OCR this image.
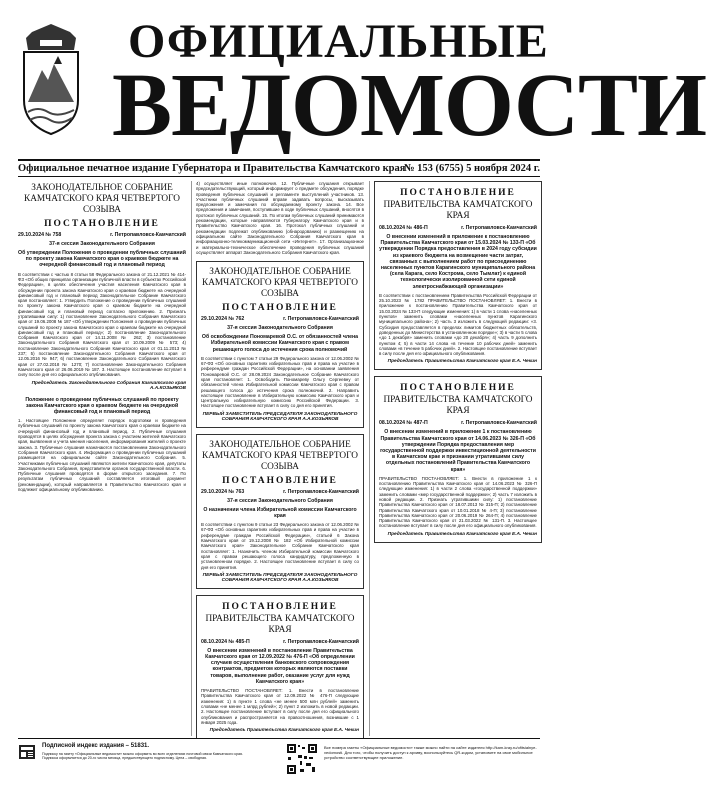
ОФИЦИАЛЬНЫЕ
ВЕДОМОСТИ
Официальное печатное издание Губернатора и Правительства Камчатского края
№ 153 (6755) 5 ноября 2024 г.
ЗАКОНОДАТЕЛЬНОЕ СОБРАНИЕ КАМЧАТСКОГО КРАЯ ЧЕТВЕРТОГО СОЗЫВА
ПОСТАНОВЛЕНИЕ
29.10.2024 № 758	г. Петропавловск-Камчатский
37-я сессия Законодательного Собрания
Об утверждении Положения о проведении публичных слушаний по проекту закона Камчатского края о краевом бюджете на очередной финансовый год и плановый период
В соответствии с частью 8 статьи 58 Федерального закона от 21.12.2021 № 414-ФЗ «Об общих принципах организации публичной власти в субъектах Российской Федерации», в целях обеспечения участия населения Камчатского края в обсуждении проекта закона Камчатского края о краевом бюджете на очередной финансовый год и плановый период Законодательное Собрание Камчатского края постановляет: 1. Утвердить Положение о проведении публичных слушаний по проекту закона Камчатского края о краевом бюджете на очередной финансовый год и плановый период согласно приложению. 2. Признать утратившими силу: 1) постановление Законодательного Собрания Камчатского края от 19.06.2008 № 187 «Об утверждении Положения о проведении публичных слушаний по проекту закона Камчатского края о краевом бюджете на очередной финансовый год и плановый период»; 2) постановление Законодательного Собрания Камчатского края от 14.11.2008 № 262; 3) постановление Законодательного Собрания Камчатского края от 10.09.2009 № 573; 4) постановление Законодательного Собрания Камчатского края от 01.11.2013 № 237; 5) постановление Законодательного Собрания Камчатского края от 12.05.2016 № 947; 6) постановление Законодательного Собрания Камчатского края от 27.02.2018 № 1270; 7) постановление Законодательного Собрания Камчатского края от 26.06.2019 № 187. 3. Настоящее постановление вступает в силу после дня его официального опубликования.
Председатель Законодательного Собрания Камчатского края А.А.КОЗЬЯКОВ
Положение о проведении публичных слушаний по проекту закона Камчатского края о краевом бюджете на очередной финансовый год и плановый период
1. Настоящее Положение определяет порядок подготовки и проведения публичных слушаний по проекту закона Камчатского края о краевом бюджете на очередной финансовый год и плановый период. 2. Публичные слушания проводятся в целях обсуждения проекта закона с участием жителей Камчатского края, выявления и учета мнения населения, информирования жителей о проекте закона. 3. Публичные слушания назначаются постановлением Законодательного Собрания Камчатского края. 4. Информация о проведении публичных слушаний размещается на официальном сайте Законодательного Собрания. 5. Участниками публичных слушаний являются жители Камчатского края, депутаты Законодательного Собрания, представители органов государственной власти. 6. Публичные слушания проводятся в форме открытого заседания. 7. По результатам публичных слушаний составляется итоговый документ (рекомендации), который направляется в Правительство Камчатского края и подлежит официальному опубликованию.
4) осуществляет иные полномочия. 12. Публичные слушания открывает председательствующий, который информирует о предмете обсуждения, порядке проведения публичных слушаний и регламенте выступлений участников. 13. Участники публичных слушаний вправе задавать вопросы, высказывать предложения и замечания по обсуждаемому проекту закона. 14. Все предложения и замечания, поступившие в ходе публичных слушаний, вносятся в протокол публичных слушаний. 15. По итогам публичных слушаний принимаются рекомендации, которые направляются Губернатору Камчатского края и в Правительство Камчатского края. 16. Протокол публичных слушаний и рекомендации подлежат опубликованию (обнародованию) и размещению на официальном сайте Законодательного Собрания Камчатского края в информационно-телекоммуникационной сети «Интернет». 17. Организационное и материально-техническое обеспечение проведения публичных слушаний осуществляет аппарат Законодательного Собрания Камчатского края.
ЗАКОНОДАТЕЛЬНОЕ СОБРАНИЕ КАМЧАТСКОГО КРАЯ ЧЕТВЕРТОГО СОЗЫВА
ПОСТАНОВЛЕНИЕ
29.10.2024 № 762	г. Петропавловск-Камчатский
37-я сессия Законодательного Собрания
Об освобождении Пономаревой О.С. от обязанностей члена Избирательной комиссии Камчатского края с правом решающего голоса до истечения срока полномочий
В соответствии с пунктом 7 статьи 29 Федерального закона от 12.06.2002 № 67-ФЗ «Об основных гарантиях избирательных прав и права на участие в референдуме граждан Российской Федерации», на основании заявления Пономаревой О.С. от 28.09.2024 Законодательное Собрание Камчатского края постановляет: 1. Освободить Пономареву Ольгу Сергеевну от обязанностей члена Избирательной комиссии Камчатского края с правом решающего голоса до истечения срока полномочий. 2. Направить настоящее постановление в Избирательную комиссию Камчатского края и Центральную избирательную комиссию Российской Федерации. 3. Настоящее постановление вступает в силу со дня его принятия.
ПЕРВЫЙ ЗАМЕСТИТЕЛЬ ПРЕДСЕДАТЕЛЯ ЗАКОНОДАТЕЛЬНОГО СОБРАНИЯ КАМЧАТСКОГО КРАЯ А.А.КОЗЬЯКОВ
ЗАКОНОДАТЕЛЬНОЕ СОБРАНИЕ КАМЧАТСКОГО КРАЯ ЧЕТВЕРТОГО СОЗЫВА
ПОСТАНОВЛЕНИЕ
29.10.2024 № 763	г. Петропавловск-Камчатский
37-я сессия Законодательного Собрания
О назначении члена Избирательной комиссии Камчатского края
В соответствии с пунктом 9 статьи 23 Федерального закона от 12.06.2002 № 67-ФЗ «Об основных гарантиях избирательных прав и права на участие в референдуме граждан Российской Федерации», статьей 6 Закона Камчатского края от 19.12.2008 № 182 «Об Избирательной комиссии Камчатского края» Законодательное Собрание Камчатского края постановляет: 1. Назначить членом Избирательной комиссии Камчатского края с правом решающего голоса кандидатуру, предложенную в установленном порядке. 2. Настоящее постановление вступает в силу со дня его принятия.
ПЕРВЫЙ ЗАМЕСТИТЕЛЬ ПРЕДСЕДАТЕЛЯ ЗАКОНОДАТЕЛЬНОГО СОБРАНИЯ КАМЧАТСКОГО КРАЯ А.А.КОЗЬЯКОВ
ПОСТАНОВЛЕНИЕ
ПРАВИТЕЛЬСТВА КАМЧАТСКОГО КРАЯ
08.10.2024 № 485-П	г. Петропавловск-Камчатский
О внесении изменений в постановление Правительства Камчатского края от 12.09.2022 № 476-П «Об определении случаев осуществления банковского сопровождения контрактов, предметом которых являются поставки товаров, выполнение работ, оказание услуг для нужд Камчатского края»
ПРАВИТЕЛЬСТВО ПОСТАНОВЛЯЕТ: 1. Внести в постановление Правительства Камчатского края от 12.09.2022 № 476-П следующие изменения: 1) в пункте 1 слова «не менее 500 млн рублей» заменить словами «не менее 1 млрд рублей»; 2) пункт 2 изложить в новой редакции. 2. Настоящее постановление вступает в силу после дня его официального опубликования и распространяется на правоотношения, возникшие с 1 января 2025 года.
Председатель Правительства Камчатского края Е.А. Чекин
ПОСТАНОВЛЕНИЕ
ПРАВИТЕЛЬСТВА КАМЧАТСКОГО КРАЯ
08.10.2024 № 486-П	г. Петропавловск-Камчатский
О внесении изменений в приложение к постановлению Правительства Камчатского края от 15.03.2024 № 133-П «Об утверждении Порядка предоставления в 2024 году субсидии из краевого бюджета на возмещение части затрат, связанных с выполнением работ по присоединению населенных пунктов Карагинского муниципального района (села Карага, село Кострома, село Тымлат) к единой технологически изолированной сети единой электроснабжающей организации»
В соответствии с постановлением Правительства Российской Федерации от 25.10.2023 № 1782 ПРАВИТЕЛЬСТВО ПОСТАНОВЛЯЕТ: 1. Внести в приложение к постановлению Правительства Камчатского края от 15.03.2024 № 133-П следующие изменения: 1) в части 1 слова «населенных пунктов» заменить словами «населенных пунктов Карагинского муниципального района»; 2) часть 3 изложить в следующей редакции: «3. Субсидия предоставляется в пределах лимитов бюджетных обязательств, доведенных до Министерства в установленном порядке»; 3) в части 5 слова «до 1 декабря» заменить словами «до 20 декабря»; 4) часть 9 дополнить пунктом 4; 5) в части 14 слова «в течение 10 рабочих дней» заменить словами «в течение 5 рабочих дней». 2. Настоящее постановление вступает в силу после дня его официального опубликования.
Председатель Правительства Камчатского края Е.А. Чекин
ПОСТАНОВЛЕНИЕ
ПРАВИТЕЛЬСТВА КАМЧАТСКОГО КРАЯ
08.10.2024 № 487-П	г. Петропавловск-Камчатский
О внесении изменений в приложение 1 к постановлению Правительства Камчатского края от 14.06.2023 № 326-П «Об утверждении Порядка предоставления мер государственной поддержки инвестиционной деятельности в Камчатском крае и признании утратившими силу отдельных постановлений Правительства Камчатского края»
ПРАВИТЕЛЬСТВО ПОСТАНОВЛЯЕТ: 1. Внести в приложение 1 к постановлению Правительства Камчатского края от 14.06.2023 № 326-П следующие изменения: 1) в части 2 слова «государственной поддержки» заменить словами «мер государственной поддержки»; 2) часть 7 изложить в новой редакции. 2. Признать утратившими силу: 1) постановление Правительства Камчатского края от 18.07.2013 № 315-П; 2) постановление Правительства Камчатского края от 10.01.2018 № 4-П; 3) постановление Правительства Камчатского края от 20.06.2019 № 264-П; 4) постановление Правительства Камчатского края от 21.03.2022 № 131-П. 3. Настоящее постановление вступает в силу после дня его официального опубликования.
Председатель Правительства Камчатского края Е.А. Чекин
Подписной индекс издания – 51831.
Подписку на газету «Официальные ведомости» можно оформить во всех отделениях почтовой связи Камчатского края. Подписка оформляется до 20-го числа месяца, предшествующего подписному. Цена – свободная.
Все номера газеты «Официальные ведомости» также можно найти на сайте издателя http://kam-kray.ru/ofitsialnye-vedomosti. Для того, чтобы получить доступ к архиву, воспользуйтесь QR-кодом, установите на свое мобильное устройство соответствующее приложение.
